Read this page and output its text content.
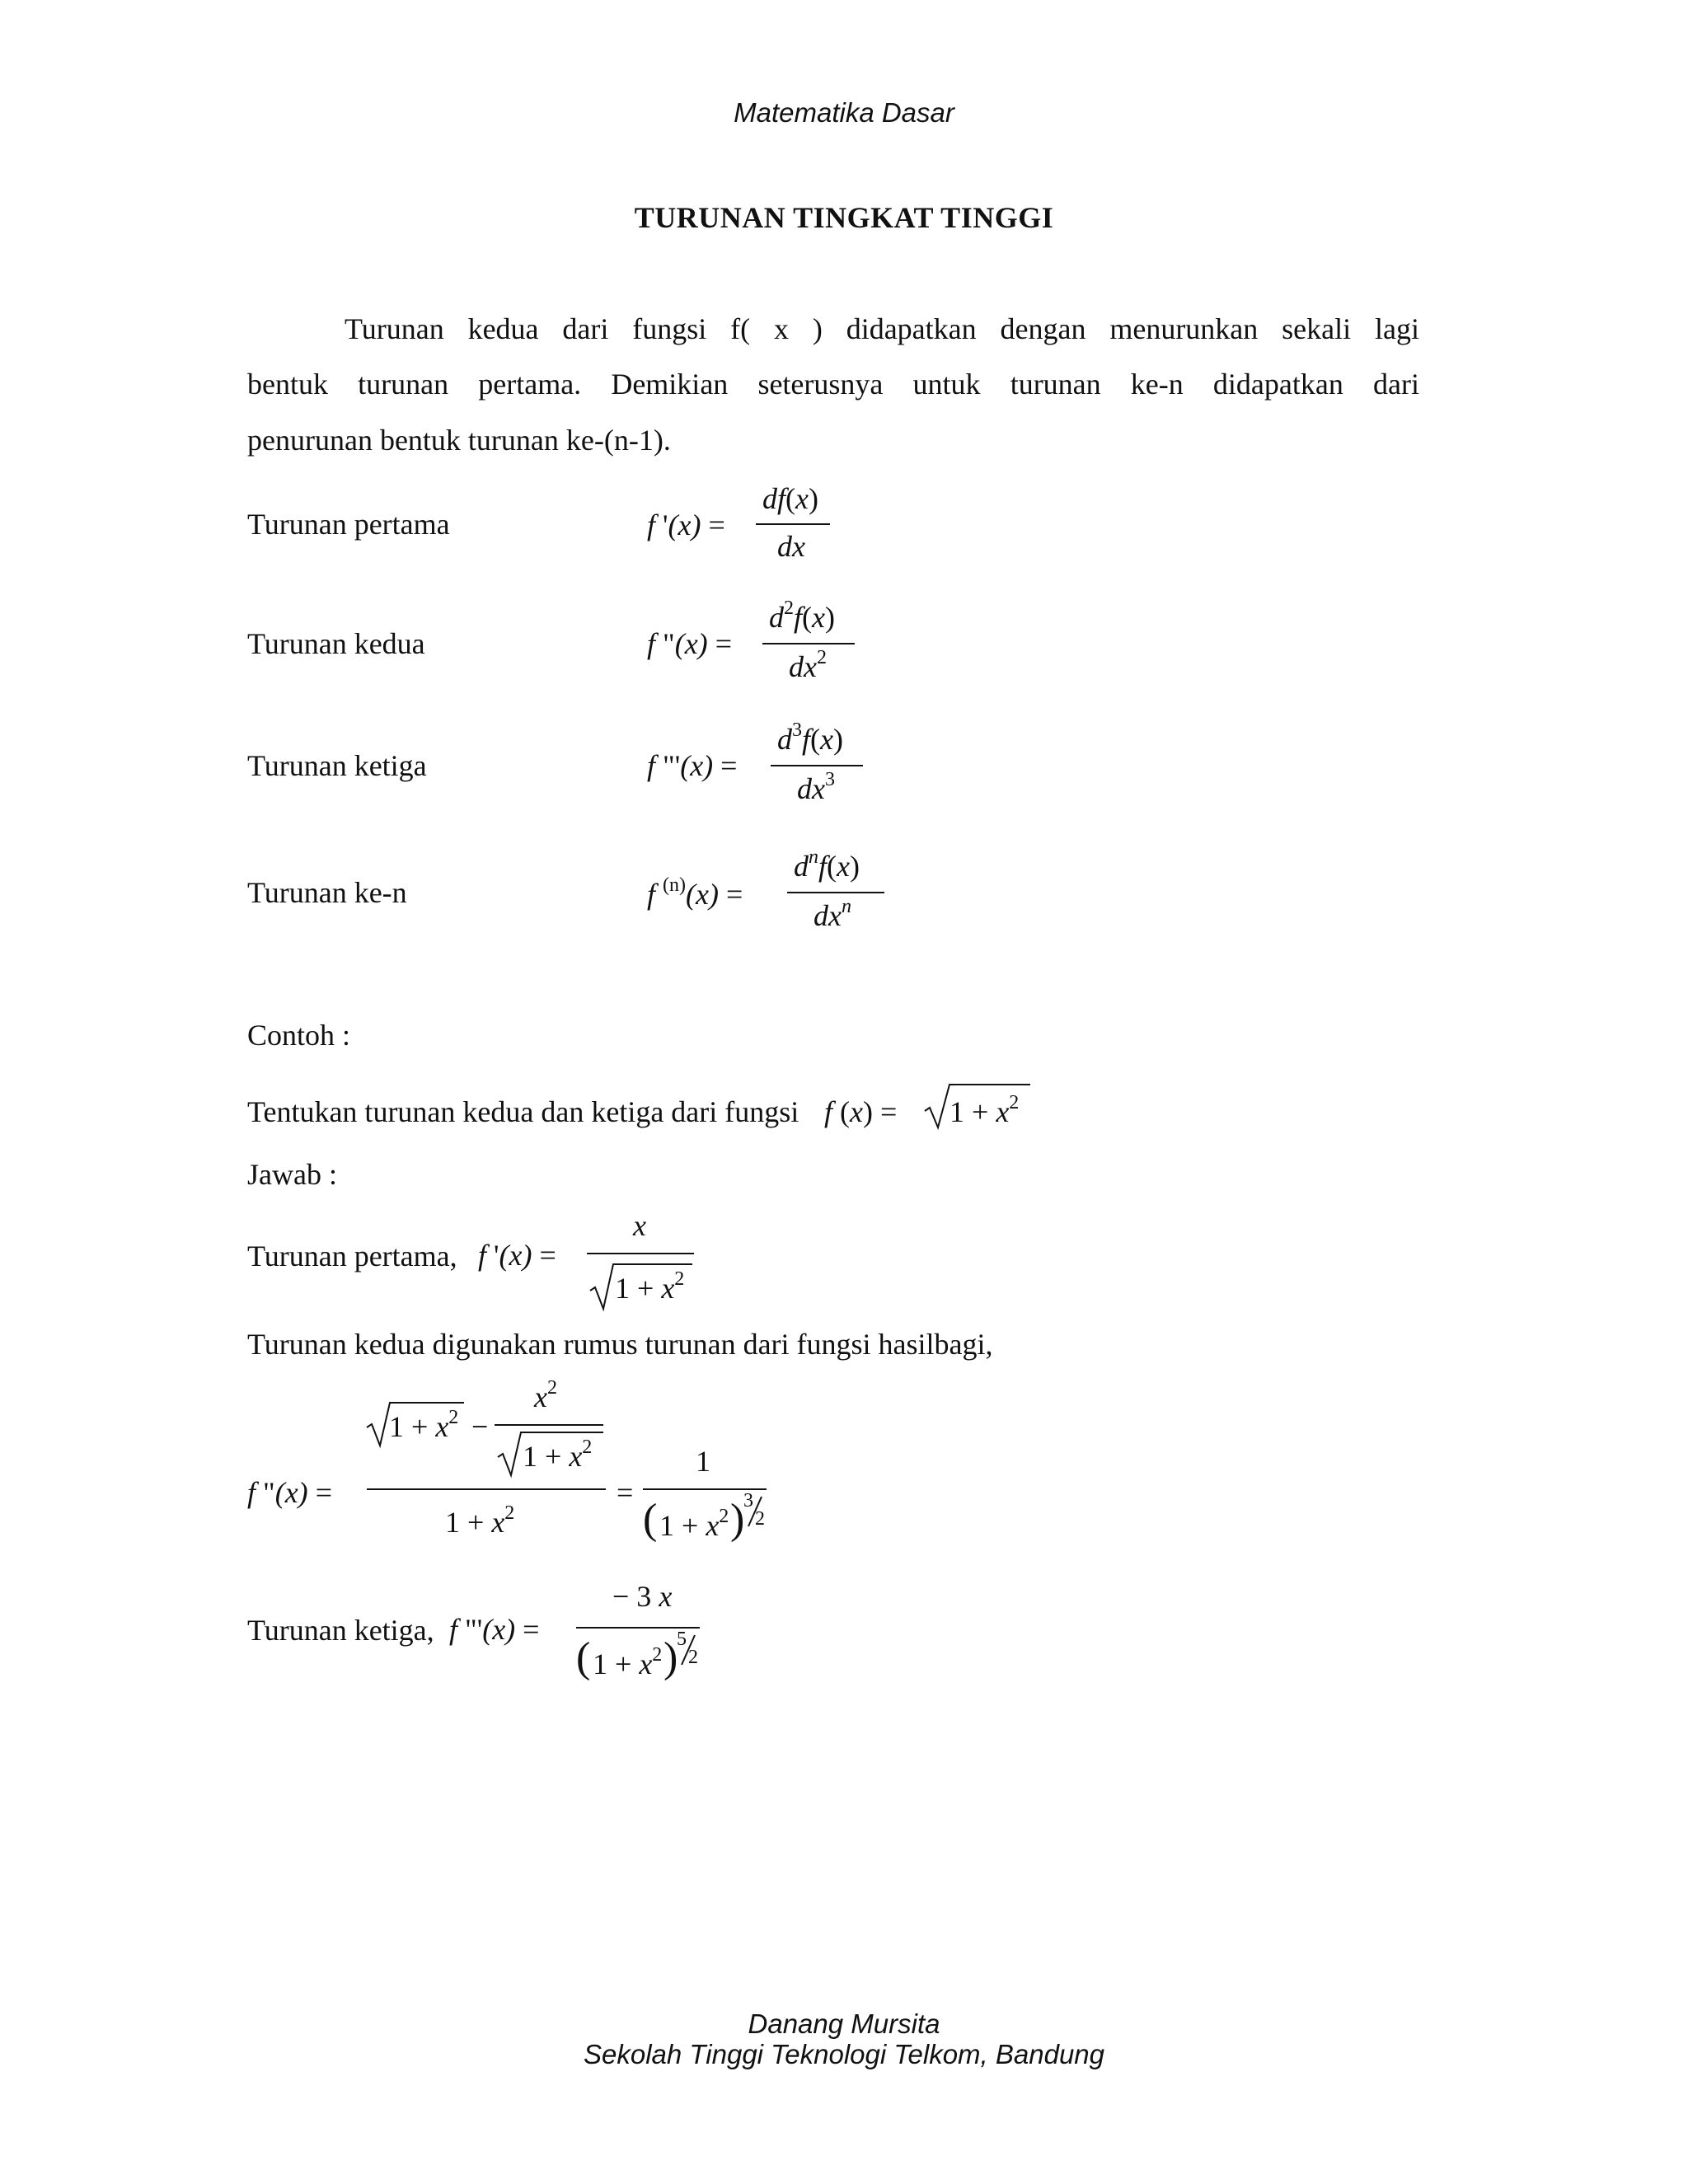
Matematika Dasar
TURUNAN TINGKAT TINGGI
Turunan kedua dari fungsi f( x ) didapatkan dengan menurunkan sekali lagi
bentuk turunan pertama. Demikian seterusnya untuk turunan ke-n didapatkan dari
penurunan bentuk turunan ke-(n-1).
Turunan pertama	f '(x) =
df(x)
dx
Turunan kedua	f "(x) =
$d^2f(x)$
$dx^2$
Turunan ketiga	f "'(x) =
$d^3f(x)$
$dx^3$
Turunan ke-n	f $^{(n)}$(x) =
$d^nf(x)$
$dx^n$
Contoh :
Tentukan turunan kedua dan ketiga dari fungsi f $(x) = 1 + x^2$
Jawab :
Turunan pertama, f '(x) =
x
$1 + x^2$
Turunan kedua digunakan rumus turunan dari fungsi hasilbagi,
f "(x) =
$1 + x^2$ −
$x^2$
$1 + x^2$
$1 + x^2$
=
1
( $1 + x^2$ )
3
2
Turunan ketiga, f "'(x) =
− 3 x
( $1 + x^2$ )
5
2
Danang Mursita
Sekolah Tinggi Teknologi Telkom, Bandung
